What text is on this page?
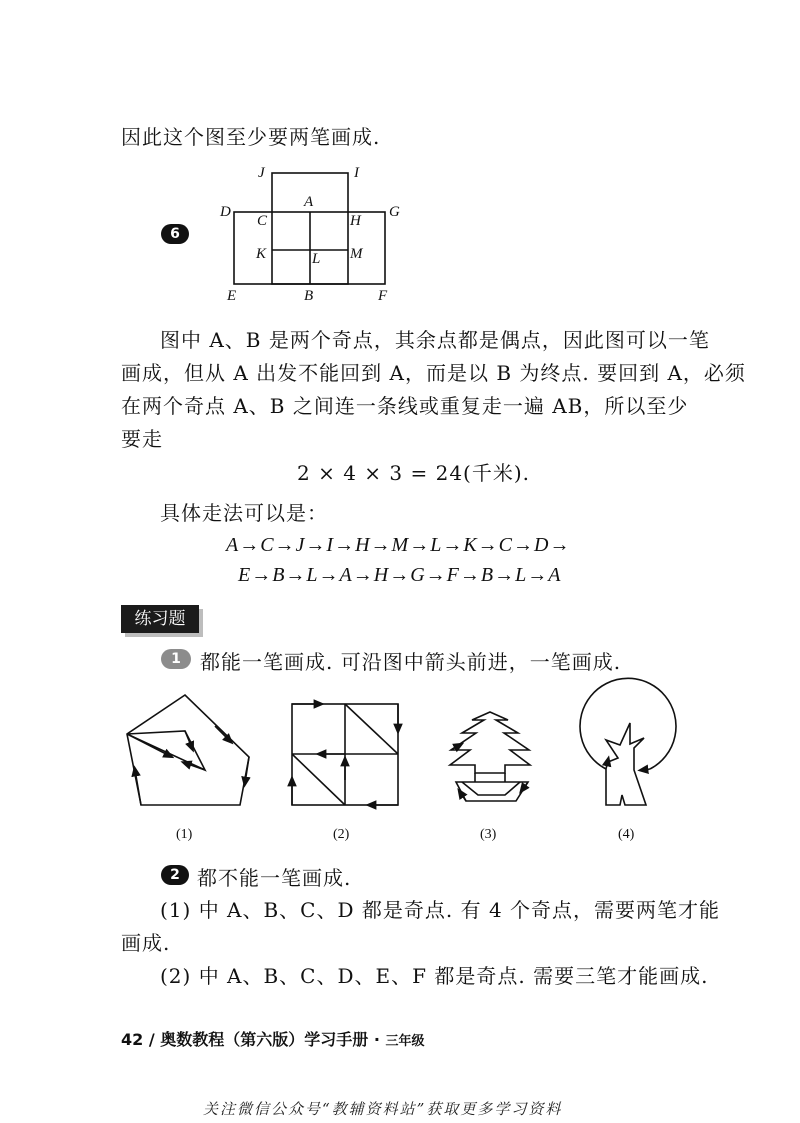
因此这个图至少要两笔画成.
6
J	I
A
D
C	H
G
K	M
L
E	B	F
图中 A、B 是两个奇点，其余点都是偶点，因此图可以一笔
画成，但从 A 出发不能回到 A，而是以 B 为终点. 要回到 A，必须
在两个奇点 A、B 之间连一条线或重复走一遍 AB，所以至少
要走
2 × 4 × 3 = 24(千米).
具体走法可以是：
A→C→J→I→H→M→L→K→C→D→
E→B→L→A→H→G→F→B→L→A
练习题
1 都能一笔画成. 可沿图中箭头前进，一笔画成.
(1)	(2)	(3)	(4)
2 都不能一笔画成.
(1) 中 A、B、C、D 都是奇点. 有 4 个奇点，需要两笔才能
画成.
(2) 中 A、B、C、D、E、F 都是奇点. 需要三笔才能画成.
42 / 奥数教程（第六版）学习手册 · 三年级
关注微信公众号“教辅资料站”获取更多学习资料
